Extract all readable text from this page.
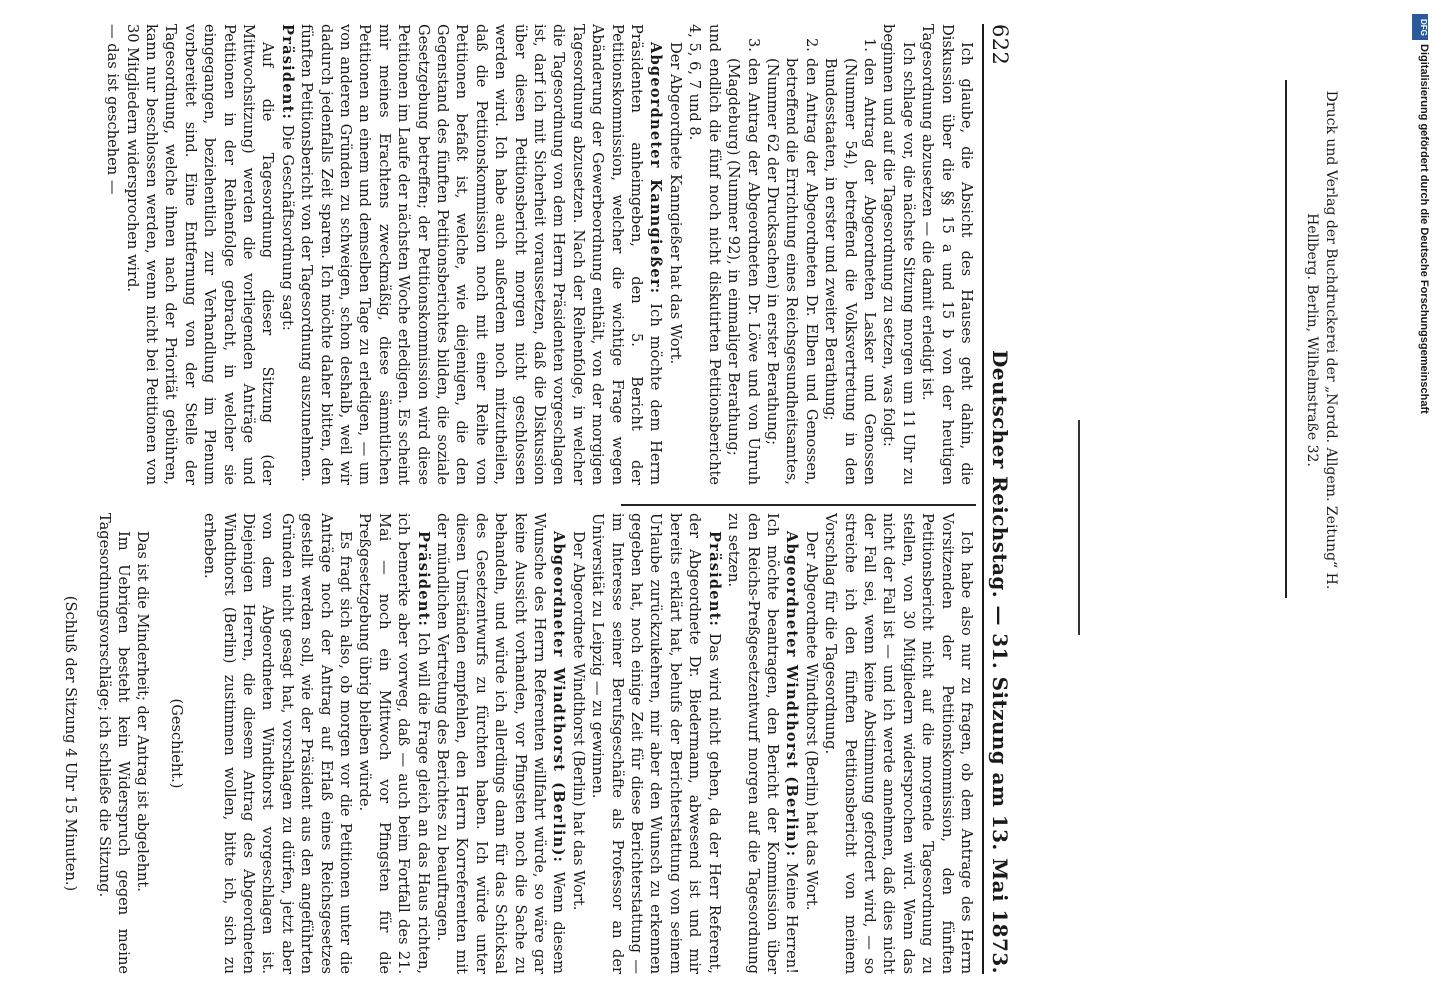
622
Deutscher Reichstag. — 31. Sitzung am 13. Mai 1873.

Ich glaube, die Absicht des Hauses geht dahin, die Diskussion über die §§ 15 a und 15 b von der heutigen Tagesordnung abzusetzen — die damit erledigt ist.

Ich schlage vor, die nächste Sitzung morgen um 11 Uhr zu beginnen und auf die Tagesordnung zu setzen, was folgt:

1.
den Antrag der Abgeordneten Lasker und Genossen (Nummer 54), betreffend die Volksvertretung in den Bundesstaaten, in erster und zweiter Berathung;

2.
den Antrag der Abgeordneten Dr. Elben und Genossen, betreffend die Errichtung eines Reichsgesundheitsamtes, (Nummer 62 der Drucksachen) in erster Berathung;

3.
den Antrag der Abgeordneten Dr. Löwe und von Unruh (Magdeburg) (Nummer 92), in einmaliger Berathung;

und endlich die fünf noch nicht diskutirten Petitionsberichte 4, 5, 6, 7 und 8.

Der Abgeordnete Kanngießer hat das Wort.

Abgeordneter Kanngießer: Ich möchte dem Herrn Präsidenten anheimgeben, den 5. Bericht der Petitionskommission, welcher die wichtige Frage wegen Abänderung der Gewerbeordnung enthält, von der morgigen Tagesordnung abzusetzen. Nach der Reihenfolge, in welcher die Tagesordnung von dem Herrn Präsidenten vorgeschlagen ist, darf ich mit Sicherheit voraussetzen, daß die Diskussion über diesen Petitionsbericht morgen nicht geschlossen werden wird. Ich habe auch außerdem noch mitzutheilen, daß die Petitionskommission noch mit einer Reihe von Petitionen befaßt ist, welche, wie diejenigen, die den Gegenstand des fünften Petitionsberichtes bilden, die soziale Gesetzgebung betreffen; der Petitionskommission wird diese Petitionen im Laufe der nächsten Woche erledigen. Es scheint mir meines Erachtens zweckmäßig, diese sämmtlichen Petitionen an einem und demselben Tage zu erledigen, — um von anderen Gründen zu schweigen, schon deshalb, weil wir dadurch jedenfalls Zeit sparen. Ich möchte daher bitten, den fünften Petitionsbericht von der Tagesordnung auszunehmen.

Präsident: Die Geschäftsordnung sagt:

Auf die Tagesordnung dieser Sitzung (der Mittwochsitzung) werden die vorliegenden Anträge und Petitionen in der Reihenfolge gebracht, in welcher sie eingegangen, beziehentlich zur Verhandlung im Plenum vorbereitet sind. Eine Entfernung von der Stelle der Tagesordnung, welche ihnen nach der Priorität gebühren, kann nur beschlossen werden, wenn nicht bei Petitionen von 30 Mitgliedern widersprochen wird.

— das ist geschehen —

Ich habe also nur zu fragen, ob dem Antrage des Herrn Vorsitzenden der Petitionskommission, den fünften Petitionsbericht nicht auf die morgende Tagesordnung zu stellen, von 30 Mitgliedern widersprochen wird. Wenn das nicht der Fall ist — und ich werde annehmen, daß dies nicht der Fall sei, wenn keine Abstimmung gefordert wird, — so streiche ich den fünften Petitionsbericht von meinem Vorschlag für die Tagesordnung.

Der Abgeordnete Windthorst (Berlin) hat das Wort.

Abgeordneter Windthorst (Berlin): Meine Herren! Ich möchte beantragen, den Bericht der Kommission über den Reichs-Preßgesetzentwurf morgen auf die Tagesordnung zu setzen.

Präsident: Das wird nicht gehen, da der Herr Referent, der Abgeordnete Dr. Biedermann, abwesend ist und mir bereits erklärt hat, behufs der Berichterstattung von seinem Urlaube zurückzukehren, mir aber den Wunsch zu erkennen gegeben hat, noch einige Zeit für diese Berichterstattung — im Interesse seiner Berufsgeschäfte als Professor an der Universität zu Leipzig — zu gewinnen.

Der Abgeordnete Windthorst (Berlin) hat das Wort.

Abgeordneter Windthorst (Berlin): Wenn diesem Wunsche des Herrn Referenten willfahrt würde, so wäre gar keine Aussicht vorhanden, vor Pfingsten noch die Sache zu behandeln, und würde ich allerdings dann für das Schicksal des Gesetzentwurfs zu fürchten haben. Ich würde unter diesen Umständen empfehlen, den Herrn Korreferenten mit der mündlichen Vertretung des Berichtes zu beauftragen.

Präsident: Ich will die Frage gleich an das Haus richten, ich bemerke aber vorweg, daß — auch beim Fortfall des 21. Mai — noch ein Mittwoch vor Pfingsten für die Preßgesetzgebung übrig bleiben würde.

Es fragt sich also, ob morgen vor die Petitionen unter die Anträge noch der Antrag auf Erlaß eines Reichsgesetzes gestellt werden soll, wie der Präsident aus den angeführten Gründen nicht gesagt hat, vorschlagen zu dürfen, jetzt aber von dem Abgeordneten Windthorst vorgeschlagen ist. Diejenigen Herren, die diesem Antrag des Abgeordneten Windthorst (Berlin) zustimmen wollen, bitte ich, sich zu erheben.

(Geschieht.)

Das ist die Minderheit; der Antrag ist abgelehnt.

Im Uebrigen besteht kein Widerspruch gegen meine Tagesordnungsvorschläge; ich schließe die Sitzung.

(Schluß der Sitzung 4 Uhr 15 Minuten.)

Druck und Verlag der Buchdruckerei der „Nordd. Allgem. Zeitung“ H. Hellberg. Berlin, Wilhelmstraße 32.
DFG
Digitalisierung gefördert durch die Deutsche Forschungsgemeinschaft
